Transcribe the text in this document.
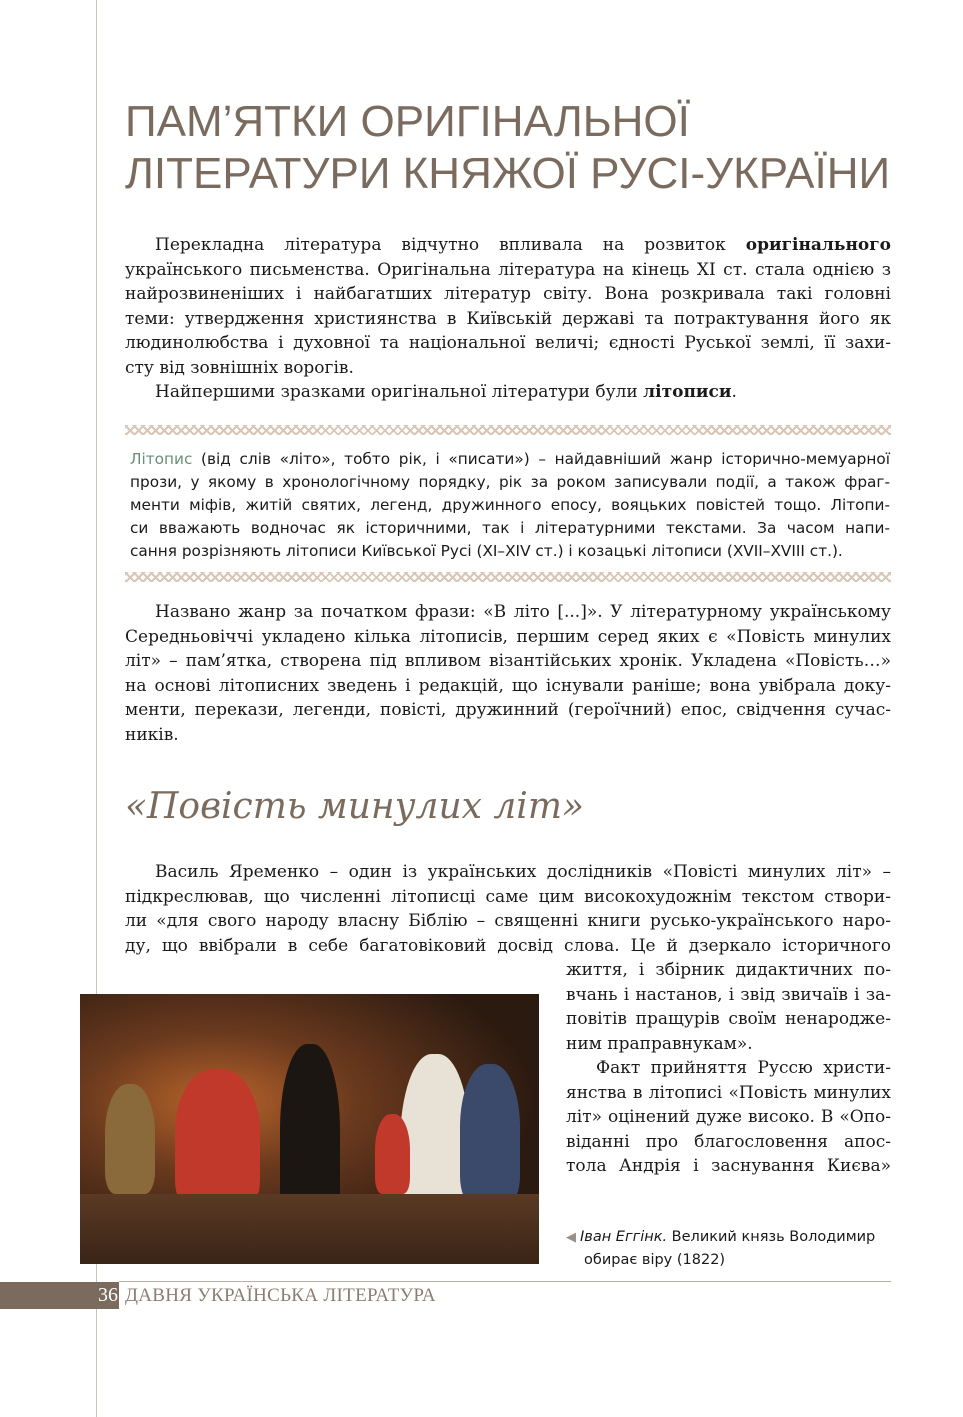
ПАМ’ЯТКИ ОРИГІНАЛЬНОЇ
ЛІТЕРАТУРИ КНЯЖОЇ РУСІ-УКРАЇНИ
Перекладна література відчутно впливала на розвиток оригінального
українського письменства. Оригінальна література на кінець ХІ ст. стала однією з
найрозвиненіших і найбагатших літератур світу. Вона розкривала такі головні
теми: утвердження християнства в Київській державі та потрактування його як
людинолюбства і духовної та національної величі; єдності Руської землі, її захи-
сту від зовнішніх ворогів.
Найпершими зразками оригінальної літератури були літописи.
Літопис (від слів «літо», тобто рік, і «писати») – найдавніший жанр історично-мемуарної
прози, у якому в хронологічному порядку, рік за роком записували події, а також фраг-
менти міфів, житій святих, легенд, дружинного епосу, вояцьких повістей тощо. Літопи-
си вважають водночас як історичними, так і літературними текстами. За часом напи-
сання розрізняють літописи Київської Русі (ХІ–ХІV ст.) і козацькі літописи (ХVІІ–ХVІІІ ст.).
Названо жанр за початком фрази: «В літо [...]». У літературному українському
Середньовіччі укладено кілька літописів, першим серед яких є «Повість минулих
літ» – пам’ятка, створена під впливом візантійських хронік. Укладена «Повість…»
на основі літописних зведень і редакцій, що існували раніше; вона увібрала доку-
менти, перекази, легенди, повісті, дружинний (героїчний) епос, свідчення сучас-
ників.
«Повість минулих літ»
Василь Яременко – один із українських дослідників «Повісті минулих літ» –
підкреслював, що численні літописці саме цим високохудожнім текстом створи-
ли «для свого народу власну Біблію – священні книги русько-українського наро-
ду, що ввібрали в себе багатовіковий досвід слова. Це й дзеркало історичного
життя, і збірник дидактичних по-
вчань і настанов, і звід звичаїв і за-
повітів пращурів своїм ненароджe-
ним праправнукам».
Факт прийняття Руссю христи-
янства в літописі «Повість минулих
літ» оцінений дуже високо. В «Опо-
віданні про благословення апос-
тола Андрія і заснування Києва»
◀ Іван Еггінк. Великий князь Володимир
обирає віру (1822)
36 ДАВНЯ УКРАЇНСЬКА ЛІТЕРАТУРА
